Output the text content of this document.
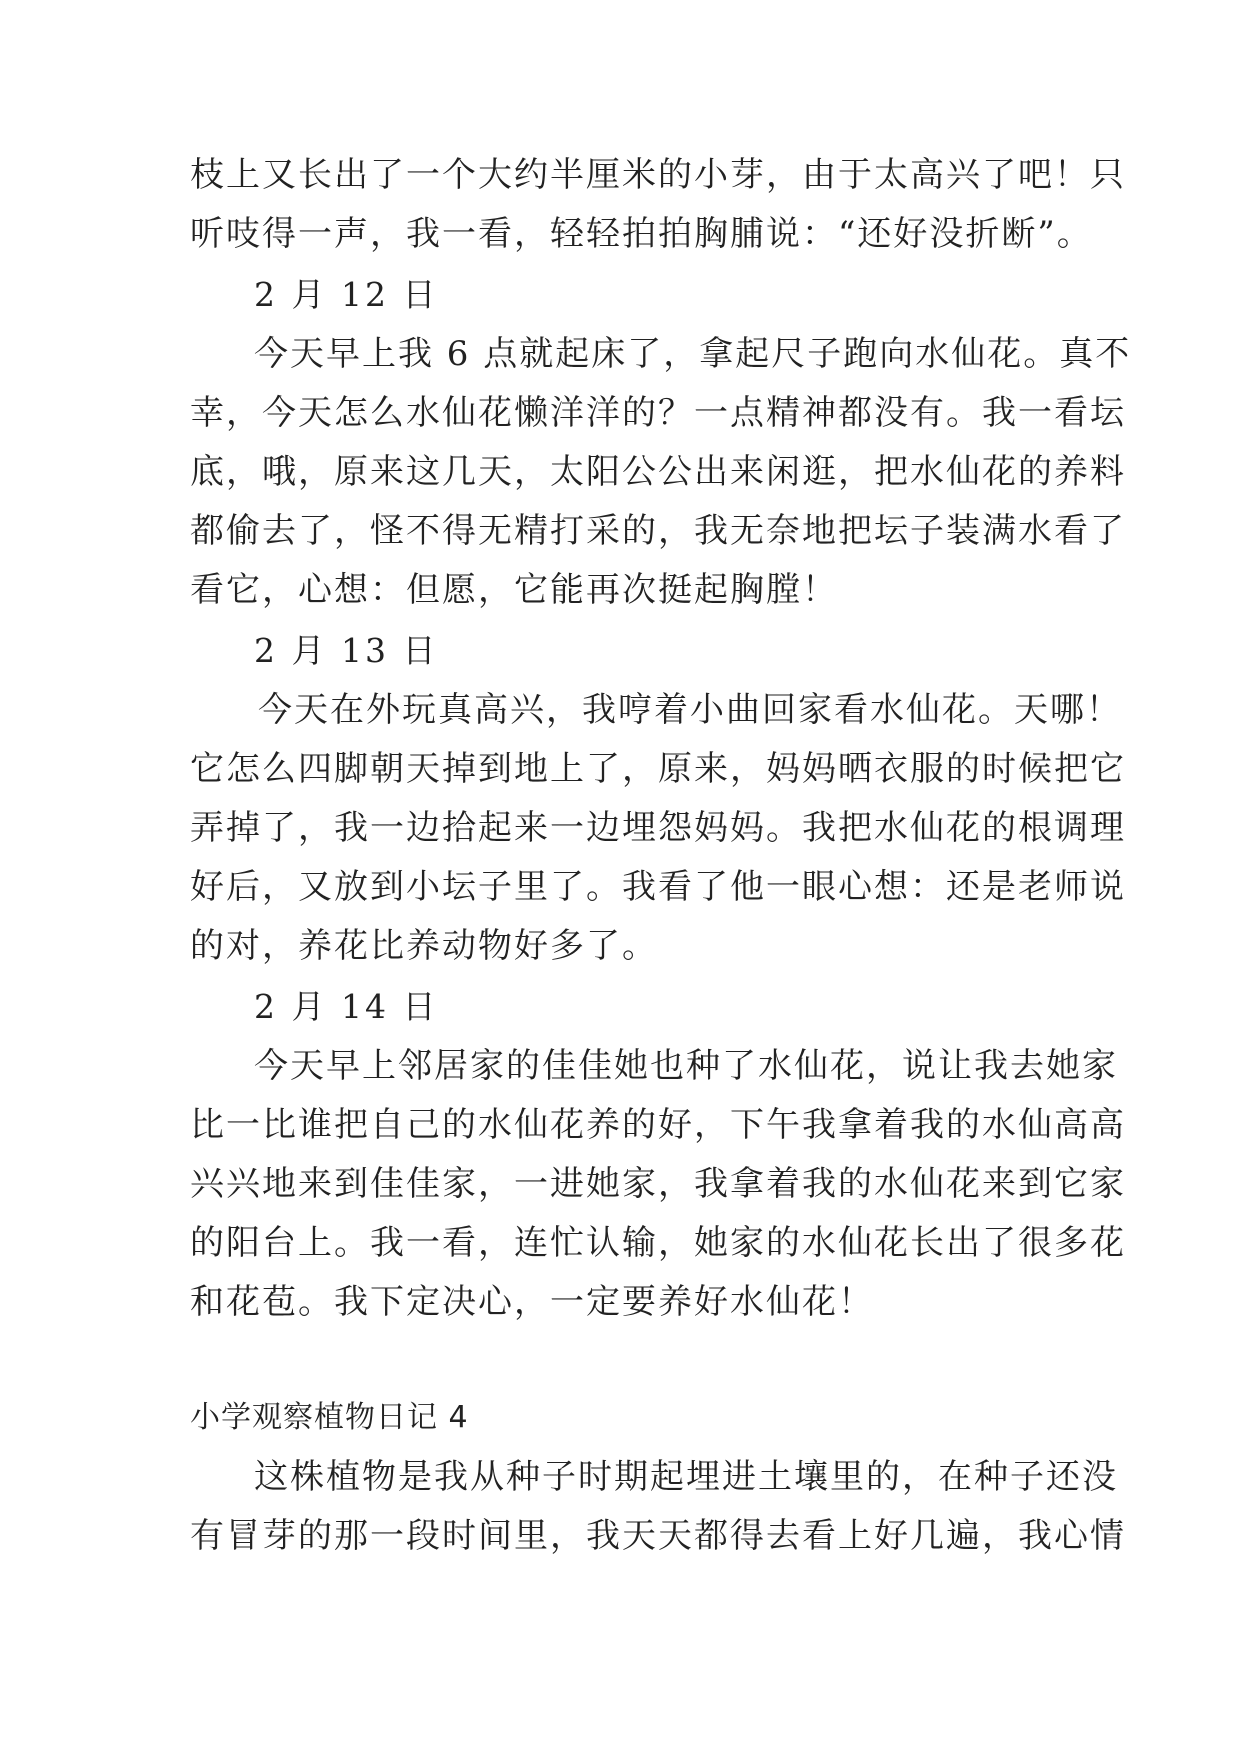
枝上又长出了一个大约半厘米的小芽，由于太高兴了吧！只
听吱得一声，我一看，轻轻拍拍胸脯说：“还好没折断”。
2 月 12 日
今天早上我 6 点就起床了，拿起尺子跑向水仙花。真不
幸，今天怎么水仙花懒洋洋的？一点精神都没有。我一看坛
底，哦，原来这几天，太阳公公出来闲逛，把水仙花的养料
都偷去了，怪不得无精打采的，我无奈地把坛子装满水看了
看它，心想：但愿，它能再次挺起胸膛！
2 月 13 日
今天在外玩真高兴，我哼着小曲回家看水仙花。天哪！
它怎么四脚朝天掉到地上了，原来，妈妈晒衣服的时候把它
弄掉了，我一边拾起来一边埋怨妈妈。我把水仙花的根调理
好后，又放到小坛子里了。我看了他一眼心想：还是老师说
的对，养花比养动物好多了。
2 月 14 日
今天早上邻居家的佳佳她也种了水仙花，说让我去她家
比一比谁把自己的水仙花养的好，下午我拿着我的水仙高高
兴兴地来到佳佳家，一进她家，我拿着我的水仙花来到它家
的阳台上。我一看，连忙认输，她家的水仙花长出了很多花
和花苞。我下定决心，一定要养好水仙花！
小学观察植物日记 4
这株植物是我从种子时期起埋进土壤里的，在种子还没
有冒芽的那一段时间里，我天天都得去看上好几遍，我心情
